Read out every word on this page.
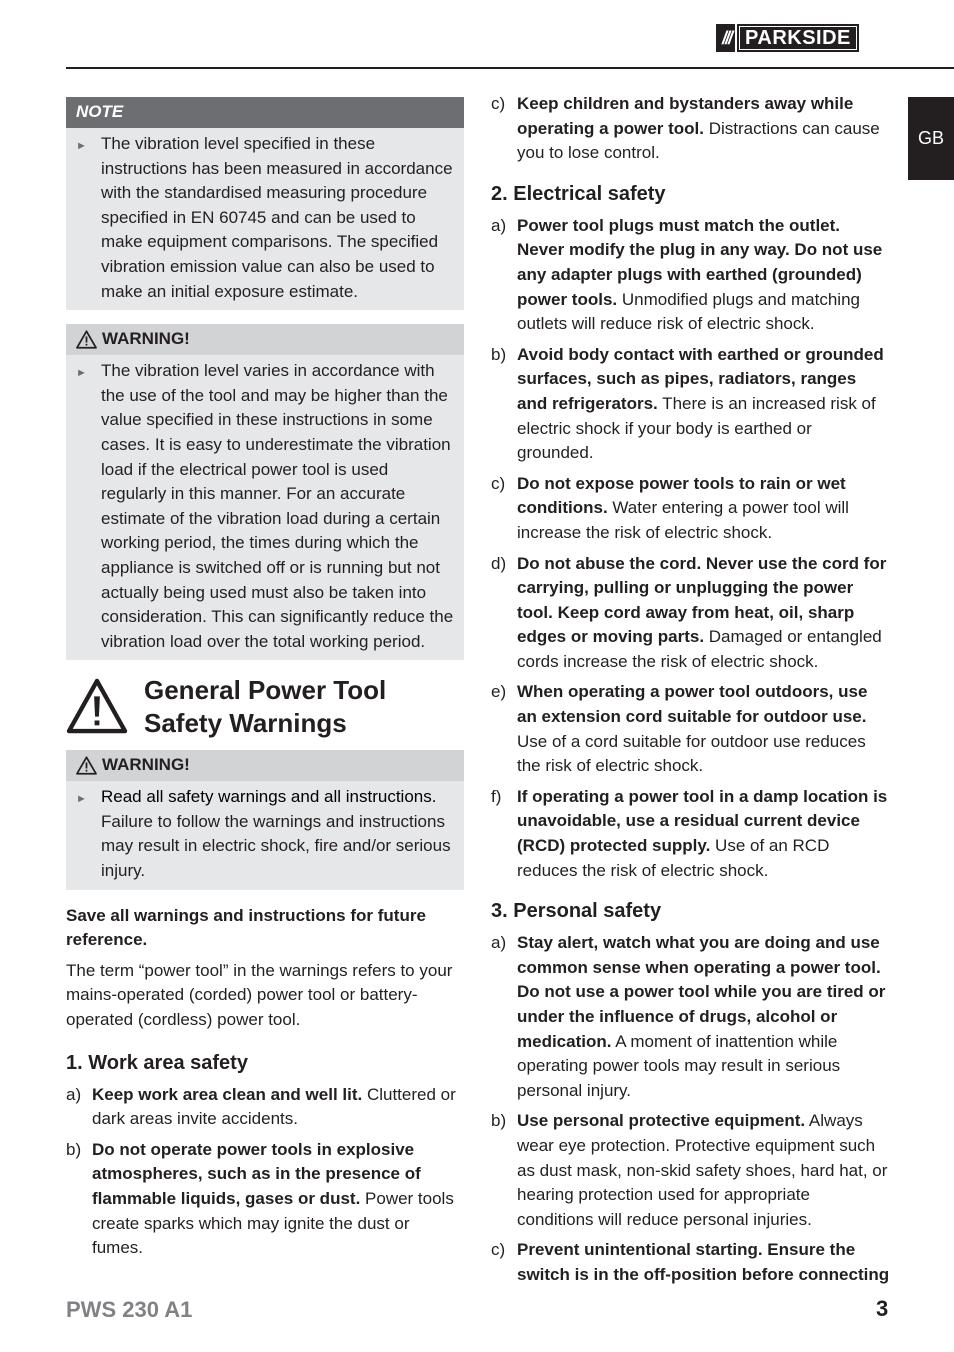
/// PARKSIDE
GB
NOTE
► The vibration level specified in these instructions has been measured in accordance with the standardised measuring procedure specified in EN 60745 and can be used to make equipment comparisons. The specified vibration emission value can also be used to make an initial exposure estimate.
WARNING!
► The vibration level varies in accordance with the use of the tool and may be higher than the value specified in these instructions in some cases. It is easy to underestimate the vibration load if the electrical power tool is used regularly in this manner. For an accurate estimate of the vibration load during a certain working period, the times during which the appliance is switched off or is running but not actually being used must also be taken into consideration. This can significantly reduce the vibration load over the total working period.
General Power Tool Safety Warnings
WARNING!
► Read all safety warnings and all instructions. Failure to follow the warnings and instructions may result in electric shock, fire and/or serious injury.
Save all warnings and instructions for future reference.
The term “power tool” in the warnings refers to your mains-operated (corded) power tool or battery-operated (cordless) power tool.
1. Work area safety
a) Keep work area clean and well lit. Cluttered or dark areas invite accidents.
b) Do not operate power tools in explosive atmospheres, such as in the presence of flammable liquids, gases or dust. Power tools create sparks which may ignite the dust or fumes.
c) Keep children and bystanders away while operating a power tool. Distractions can cause you to lose control.
2. Electrical safety
a) Power tool plugs must match the outlet. Never modify the plug in any way. Do not use any adapter plugs with earthed (grounded) power tools. Unmodified plugs and matching outlets will reduce risk of electric shock.
b) Avoid body contact with earthed or grounded surfaces, such as pipes, radiators, ranges and refrigerators. There is an increased risk of electric shock if your body is earthed or grounded.
c) Do not expose power tools to rain or wet conditions. Water entering a power tool will increase the risk of electric shock.
d) Do not abuse the cord. Never use the cord for carrying, pulling or unplugging the power tool. Keep cord away from heat, oil, sharp edges or moving parts. Damaged or entangled cords increase the risk of electric shock.
e) When operating a power tool outdoors, use an extension cord suitable for outdoor use. Use of a cord suitable for outdoor use reduces the risk of electric shock.
f) If operating a power tool in a damp location is unavoidable, use a residual current device (RCD) protected supply. Use of an RCD reduces the risk of electric shock.
3. Personal safety
a) Stay alert, watch what you are doing and use common sense when operating a power tool. Do not use a power tool while you are tired or under the influence of drugs, alcohol or medication. A moment of inattention while operating power tools may result in serious personal injury.
b) Use personal protective equipment. Always wear eye protection. Protective equipment such as dust mask, non-skid safety shoes, hard hat, or hearing protection used for appropriate conditions will reduce personal injuries.
c) Prevent unintentional starting. Ensure the switch is in the off-position before connecting
PWS 230 A1	3
